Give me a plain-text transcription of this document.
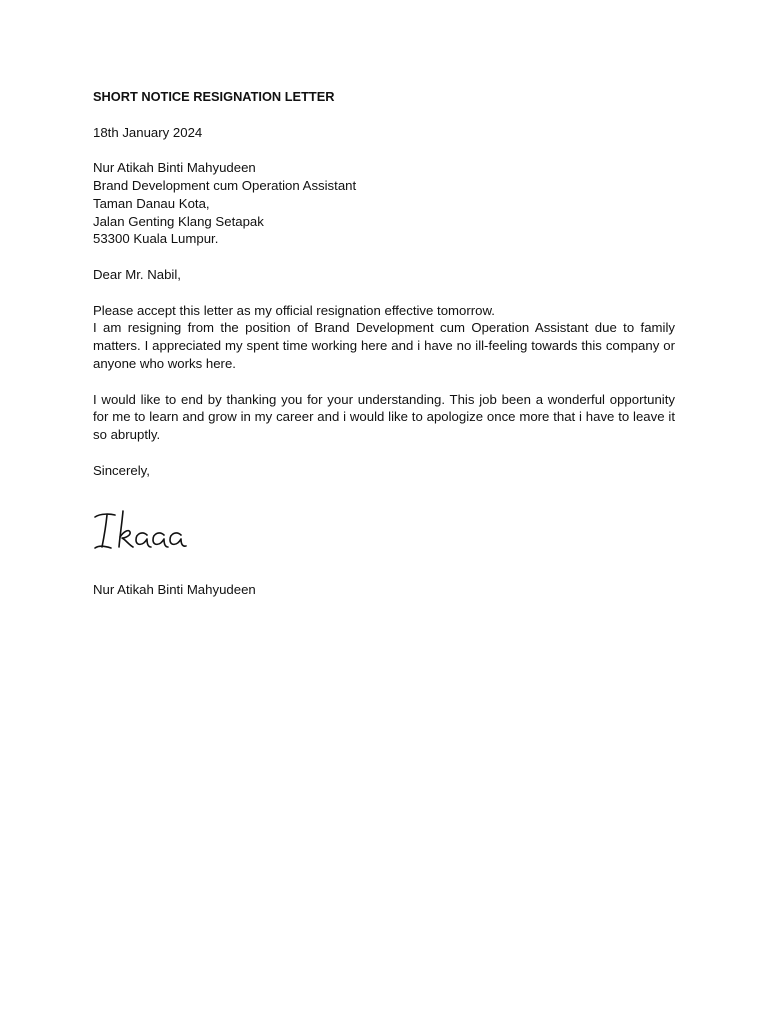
SHORT NOTICE RESIGNATION LETTER

18th January 2024

Nur Atikah Binti Mahyudeen

Brand Development cum Operation Assistant

Taman Danau Kota,

Jalan Genting Klang Setapak

53300 Kuala Lumpur.

Dear Mr. Nabil,

Please accept this letter as my official resignation effective tomorrow.

I am resigning from the position of Brand Development cum Operation Assistant due to family matters. I appreciated my spent time working here and i have no ill-feeling towards this company or anyone who works here.

I would like to end by thanking you for your understanding. This job been a wonderful opportunity for me to learn and grow in my career and i would like to apologize once more that i have to leave it so abruptly.

Sincerely,

Nur Atikah Binti Mahyudeen
